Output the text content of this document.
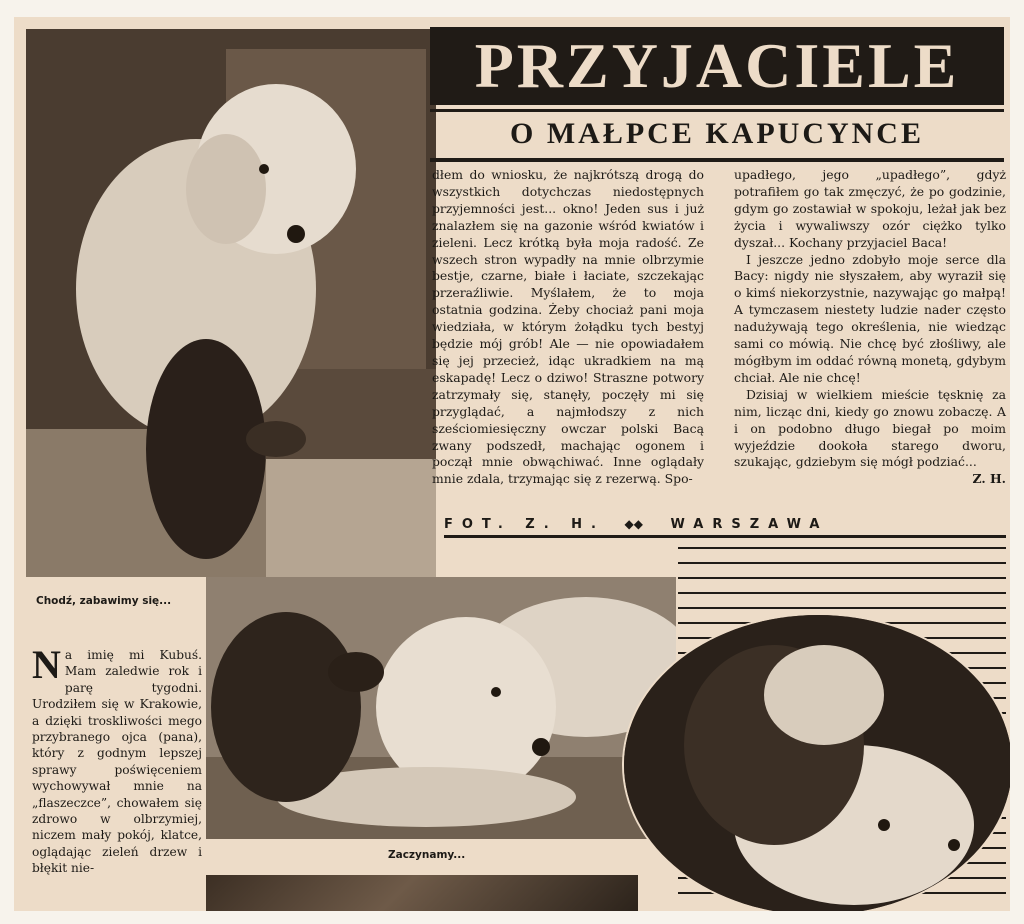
PRZYJACIELE
O MAŁPCE KAPUCYNCE

dłem do wniosku, że najkrótszą drogą do wszystkich dotychczas niedostępnych przyjemności jest... okno! Jeden sus i już znalazłem się na gazonie wśród kwiatów i zieleni. Lecz krótką była moja radość. Ze wszech stron wypadły na mnie olbrzymie bestje, czarne, białe i łaciate, szczekając przeraźliwie. Myślałem, że to moja ostatnia godzina. Żeby chociaż pani moja wiedziała, w którym żołądku tych bestyj będzie mój grób! Ale — nie opowiadałem się jej przecież, idąc ukradkiem na mą eskapadę! Lecz o dziwo! Straszne potwory zatrzymały się, stanęły, poczęły mi się przyglądać, a najmłodszy z nich sześciomiesięczny owczar polski Bacą zwany podszedł, machając ogonem i począł mnie obwąchiwać. Inne oglądały mnie zdala, trzymając się z rezerwą. Spo-

upadłego, jego „upadłego”, gdyż potrafiłem go tak zmęczyć, że po godzinie, gdym go zostawiał w spokoju, leżał jak bez życia i wywaliwszy ozór ciężko tylko dyszał... Kochany przyjaciel Baca!

I jeszcze jedno zdobyło moje serce dla Bacy: nigdy nie słyszałem, aby wyraził się o kimś niekorzystnie, nazywając go małpą! A tymczasem niestety ludzie nader często nadużywają tego określenia, nie wiedząc sami co mówią. Nie chcę być złośliwy, ale mógłbym im oddać równą monetą, gdybym chciał. Ale nie chcę!

Dzisiaj w wielkiem mieście tęsknię za nim, licząc dni, kiedy go znowu zobaczę. A i on podobno długo biegał po moim wyjeździe dookoła starego dworu, szukając, gdziebym się mógł podziać...

Z. H.
FOT. Z. H. ◆◆ WARSZAWA
Chodź, zabawimy się...
Zaczynamy...
N a imię mi Kubuś. Mam zaledwie rok i parę tygodni. Urodziłem się w Krakowie, a dzięki troskliwości mego przybranego ojca (pana), który z godnym lepszej sprawy poświęceniem wychowywał mnie na „flaszeczce”, chowałem się zdrowo w olbrzymiej, niczem mały pokój, klatce, oglądając zieleń drzew i błękit nie-
